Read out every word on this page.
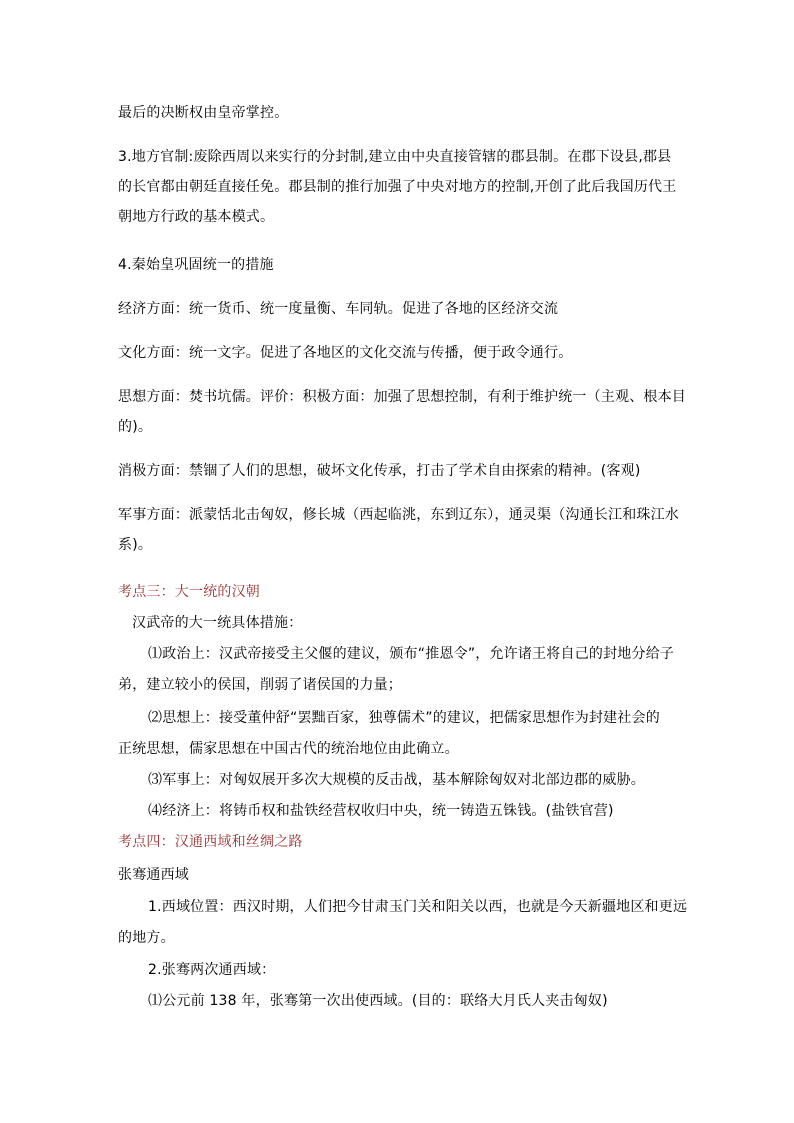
最后的决断权由皇帝掌控。

3.地方官制:废除西周以来实行的分封制,建立由中央直接管辖的郡县制。在郡下设县,郡县

的长官都由朝廷直接任免。郡县制的推行加强了中央对地方的控制,开创了此后我国历代王

朝地方行政的基本模式。

4.秦始皇巩固统一的措施

经济方面：统一货币、统一度量衡、车同轨。促进了各地的区经济交流

文化方面：统一文字。促进了各地区的文化交流与传播，便于政令通行。

思想方面：焚书坑儒。评价：积极方面：加强了思想控制，有利于维护统一（主观、根本目

的)。

消极方面：禁锢了人们的思想，破坏文化传承，打击了学术自由探索的精神。(客观)

军事方面：派蒙恬北击匈奴，修长城（西起临洮，东到辽东），通灵渠（沟通长江和珠江水

系)。

考点三：大一统的汉朝

汉武帝的大一统具体措施：

⑴政治上：汉武帝接受主父偃的建议，颁布“推恩令”，允许诸王将自己的封地分给子

弟，建立较小的侯国，削弱了诸侯国的力量；

⑵思想上：接受董仲舒“罢黜百家，独尊儒术”的建议，把儒家思想作为封建社会的

正统思想，儒家思想在中国古代的统治地位由此确立。

⑶军事上：对匈奴展开多次大规模的反击战，基本解除匈奴对北部边郡的威胁。

⑷经济上：将铸币权和盐铁经营权收归中央，统一铸造五铢钱。(盐铁官营)

考点四：汉通西域和丝绸之路

张骞通西域

1.西域位置：西汉时期，人们把今甘肃玉门关和阳关以西，也就是今天新疆地区和更远

的地方。

2.张骞两次通西域：

⑴公元前 138 年，张骞第一次出使西域。(目的：联络大月氏人夹击匈奴)
